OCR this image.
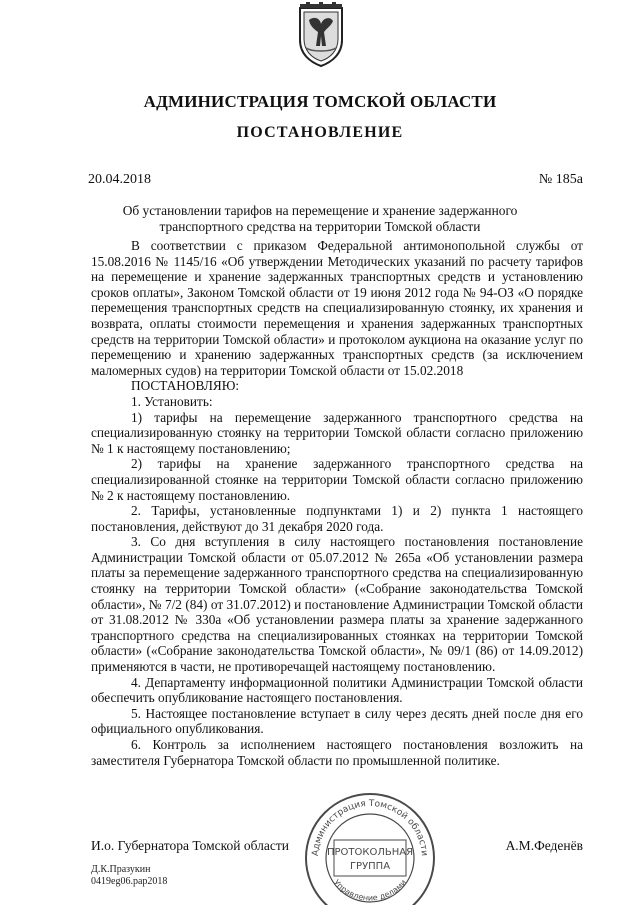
АДМИНИСТРАЦИЯ ТОМСКОЙ ОБЛАСТИ
ПОСТАНОВЛЕНИЕ
20.04.2018	№ 185а
Об установлении тарифов на перемещение и хранение задержанного
транспортного средства на территории Томской области

В соответствии с приказом Федеральной антимонопольной службы от 15.08.2016 № 1145/16 «Об утверждении Методических указаний по расчету тарифов на перемещение и хранение задержанных транспортных средств и установлению сроков оплаты», Законом Томской области от 19 июня 2012 года № 94-ОЗ «О порядке перемещения транспортных средств на специализированную стоянку, их хранения и возврата, оплаты стоимости перемещения и хранения задержанных транспортных средств на территории Томской области» и протоколом аукциона на оказание услуг по перемещению и хранению задержанных транспортных средств (за исключением маломерных судов) на территории Томской области от 15.02.2018

ПОСТАНОВЛЯЮ:

1. Установить:

1) тарифы на перемещение задержанного транспортного средства на специализированную стоянку на территории Томской области согласно приложению № 1 к настоящему постановлению;

2) тарифы на хранение задержанного транспортного средства на специализированной стоянке на территории Томской области согласно приложению № 2 к настоящему постановлению.

2. Тарифы, установленные подпунктами 1) и 2) пункта 1 настоящего постановления, действуют до 31 декабря 2020 года.

3. Со дня вступления в силу настоящего постановления постановление Администрации Томской области от 05.07.2012 № 265а «Об установлении размера платы за перемещение задержанного транспортного средства на специализированную стоянку на территории Томской области» («Собрание законодательства Томской области», № 7/2 (84) от 31.07.2012) и постановление Администрации Томской области от 31.08.2012 № 330а «Об установлении размера платы за хранение задержанного транспортного средства на специализированных стоянках на территории Томской области» («Собрание законодательства Томской области», № 09/1 (86) от 14.09.2012) применяются в части, не противоречащей настоящему постановлению.

4. Департаменту информационной политики Администрации Томской области обеспечить опубликование настоящего постановления.

5. Настоящее постановление вступает в силу через десять дней после дня его официального опубликования.

6. Контроль за исполнением настоящего постановления возложить на заместителя Губернатора Томской области по промышленной политике.

Администрация Томской области
Управление делами
ПРОТОКОЛЬНАЯ
ГРУППА
И.о. Губернатора Томской области	А.М.Феденёв
Д.К.Празукин
0419eg06.pap2018
